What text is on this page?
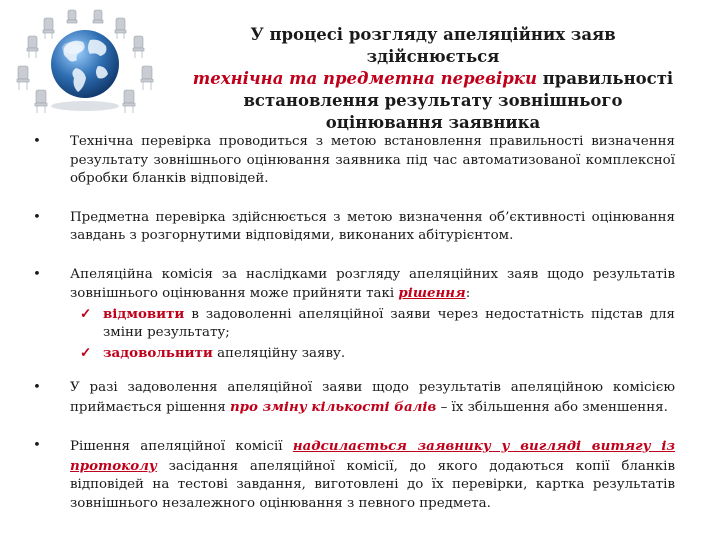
У процесі розгляду апеляційних заяв здійснюється
технічна та предметна перевірки правильності встановлення результату зовнішнього оцінювання заявника
• Технічна перевірка проводиться з метою встановлення правильності визначення результату зовнішнього оцінювання заявника під час автоматизованої комплексної обробки бланків відповідей.
• Предметна перевірка здійснюється з метою визначення об’єктивності оцінювання завдань з розгорнутими відповідями, виконаних абітурієнтом.
• Апеляційна комісія за наслідками розгляду апеляційних заяв щодо результатів зовнішнього оцінювання може прийняти такі рішення:
✓ відмовити в задоволенні апеляційної заяви через недостатність підстав для зміни результату;
✓ задовольнити апеляційну заяву.
• У разі задоволення апеляційної заяви щодо результатів апеляційною комісією приймається рішення про зміну кількості балів – їх збільшення або зменшення.
• Рішення апеляційної комісії надсилається заявнику у вигляді витягу із протоколу засідання апеляційної комісії, до якого додаються копії бланків відповідей на тестові завдання, виготовлені до їх перевірки, картка результатів зовнішнього незалежного оцінювання з певного предмета.
